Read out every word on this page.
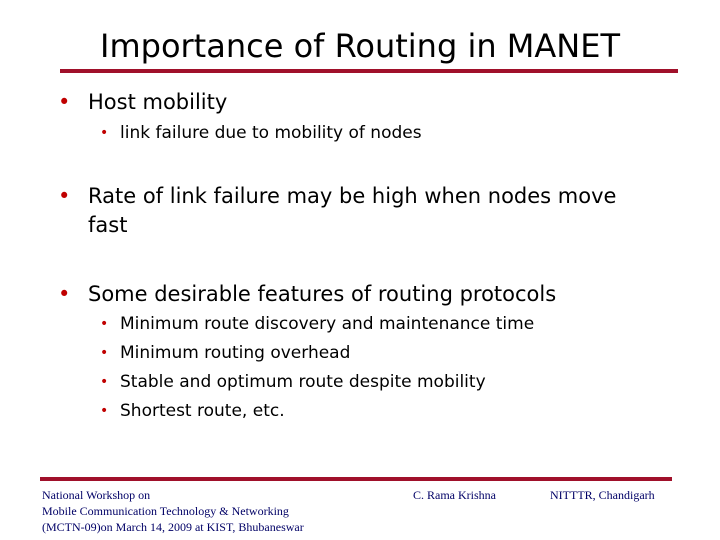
Importance of Routing in MANET
• Host mobility
• link failure due to mobility of nodes
• Rate of link failure may be high when nodes move
fast
• Some desirable features of routing protocols
• Minimum route discovery and maintenance time
• Minimum routing overhead
• Stable and optimum route despite mobility
• Shortest route, etc.
National Workshop on
Mobile Communication Technology & Networking
(MCTN-09)on March 14, 2009 at KIST, Bhubaneswar
C. Rama Krishna	NITTTR, Chandigarh
